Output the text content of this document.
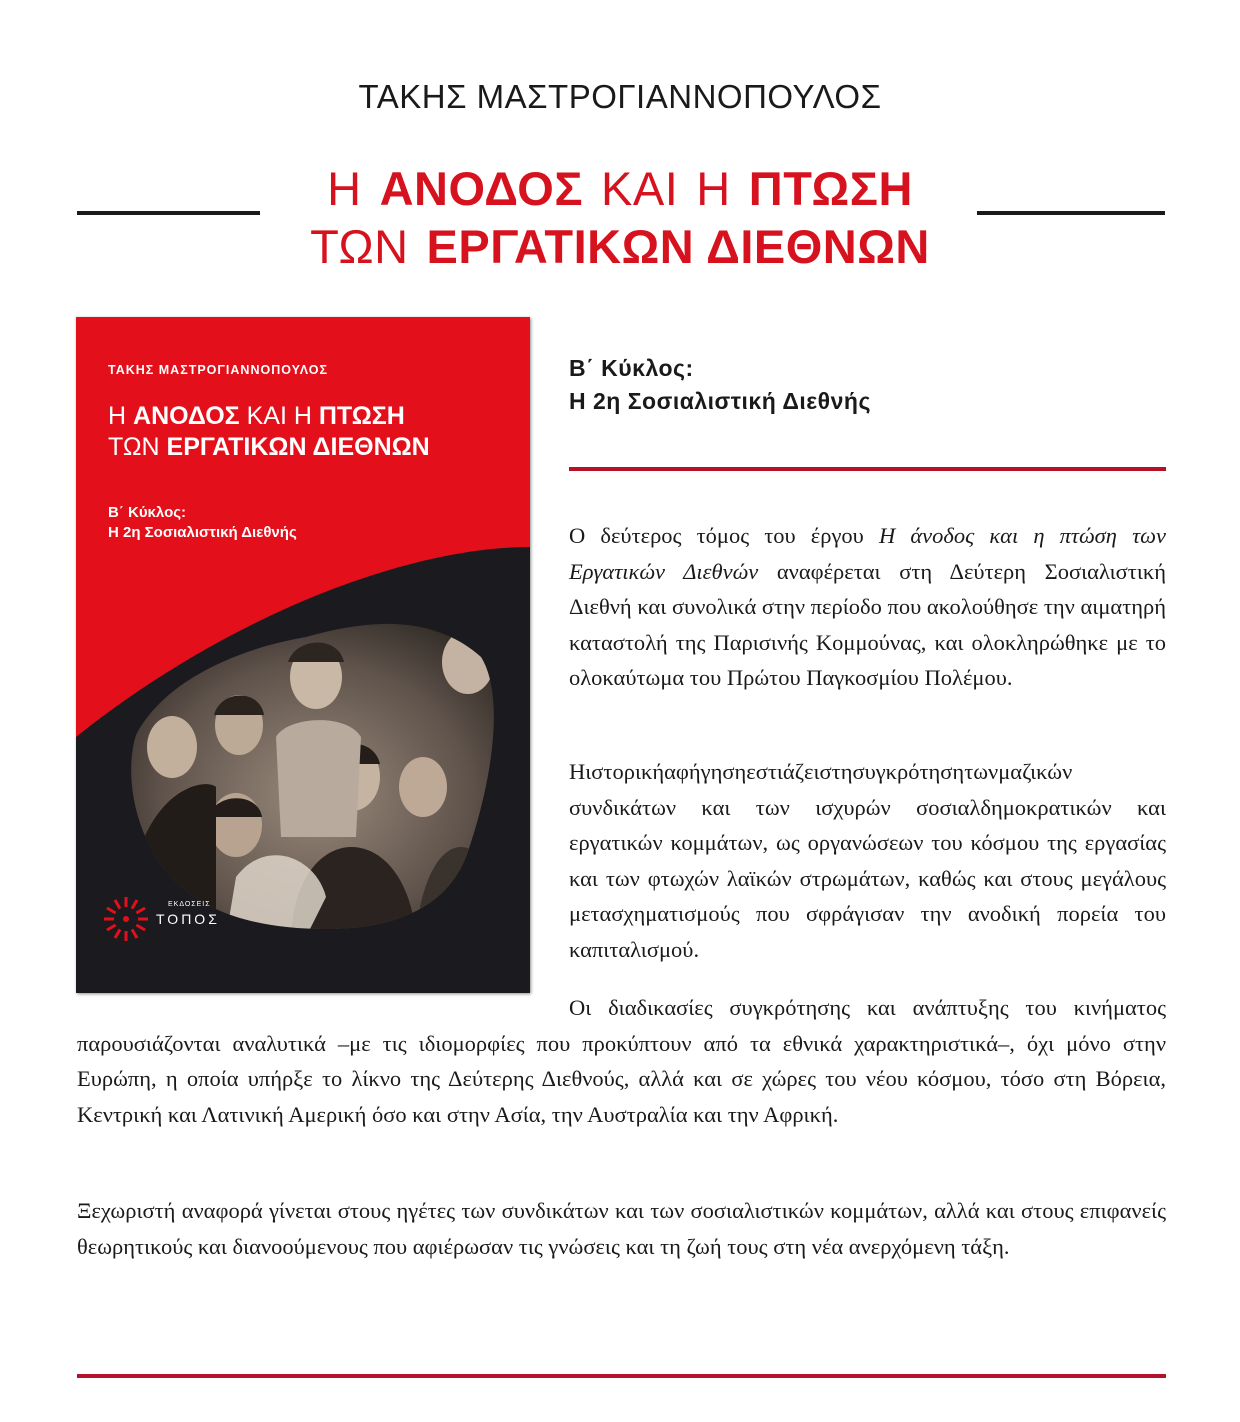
ΤΑΚΗΣ ΜΑΣΤΡΟΓΙΑΝΝΟΠΟΥΛΟΣ
Η ΑΝΟΔΟΣ ΚΑΙ Η ΠΤΩΣΗ
ΤΩΝ ΕΡΓΑΤΙΚΩΝ ΔΙΕΘΝΩΝ
ΤΑΚΗΣ ΜΑΣΤΡΟΓΙΑΝΝΟΠΟΥΛΟΣ
Η ΑΝΟΔΟΣ ΚΑΙ Η ΠΤΩΣΗ
ΤΩΝ ΕΡΓΑΤΙΚΩΝ ΔΙΕΘΝΩΝ
Β΄ Κύκλος:
Η 2η Σοσιαλιστική Διεθνής
ΕΚΔΟΣΕΙΣ
ΤΟΠΟΣ
Β΄ Κύκλος:
Η 2η Σοσιαλιστική Διεθνής

Ο δεύτερος τόμος του έργου Η άνοδος και η πτώση των Εργατικών Διεθνών αναφέρεται στη Δεύτερη Σοσιαλιστική Διεθνή και συνολικά στην περίοδο που ακολούθησε την αιματηρή καταστολή της Παρισινής Κομμούνας, και ολοκληρώθηκε με το ολοκαύτωμα του Πρώτου Παγκοσμίου Πολέμου.

Ηιστορικήαφήγησηεστιάζειστησυγκρότησητωνμαζικών συνδικάτων και των ισχυρών σοσιαλδημοκρατικών και εργατικών κομμάτων, ως οργανώσεων του κόσμου της εργασίας και των φτωχών λαϊκών στρωμάτων, καθώς και στους μεγάλους μετασχηματισμούς που σφράγισαν την ανοδική πορεία του καπιταλισμού.

Οι διαδικασίες συγκρότησης και ανάπτυξης του κινήματος παρουσιάζονται αναλυτικά –με τις ιδιομορφίες που προκύπτουν από τα εθνικά χαρακτηριστικά–, όχι μόνο στην Ευρώπη, η οποία υπήρξε το λίκνο της Δεύτερης Διεθνούς, αλλά και σε χώρες του νέου κόσμου, τόσο στη Βόρεια, Κεντρική και Λατινική Αμερική όσο και στην Ασία, την Αυστραλία και την Αφρική.

Ξεχωριστή αναφορά γίνεται στους ηγέτες των συνδικάτων και των σοσιαλιστικών κομμάτων, αλλά και στους επιφανείς θεωρητικούς και διανοούμενους που αφιέρωσαν τις γνώσεις και τη ζωή τους στη νέα ανερχόμενη τάξη.
